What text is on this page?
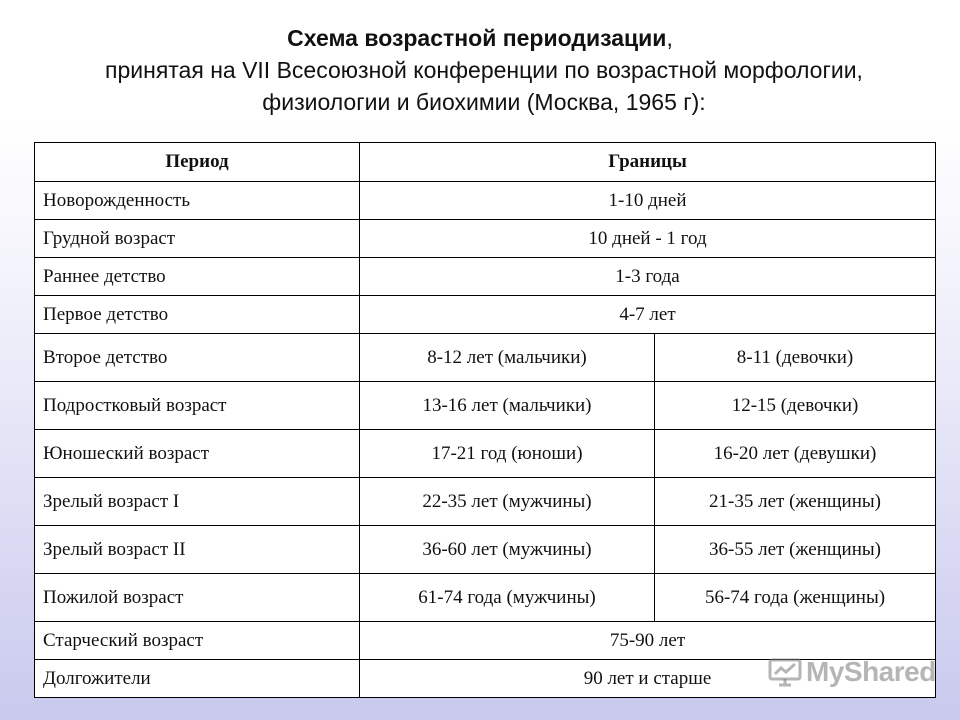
Схема возрастной периодизации,
принятая на VII Всесоюзной конференции по возрастной морфологии,
физиологии и биохимии (Москва, 1965 г):
Период	Границы	
Новорожденность	1-10 дней	
Грудной возраст	10 дней - 1 год	
Раннее детство	1-3 года	
Первое детство	4-7 лет	
Второе детство	8-12 лет (мальчики)	8-11 (девочки)
Подростковый возраст	13-16 лет (мальчики)	12-15 (девочки)
Юношеский возраст	17-21 год (юноши)	16-20 лет (девушки)
Зрелый возраст I	22-35 лет (мужчины)	21-35 лет (женщины)
Зрелый возраст II	36-60 лет (мужчины)	36-55 лет (женщины)
Пожилой возраст	61-74 года (мужчины)	56-74 года (женщины)
Старческий возраст	75-90 лет	
Долгожители	90 лет и старше		MyShared
